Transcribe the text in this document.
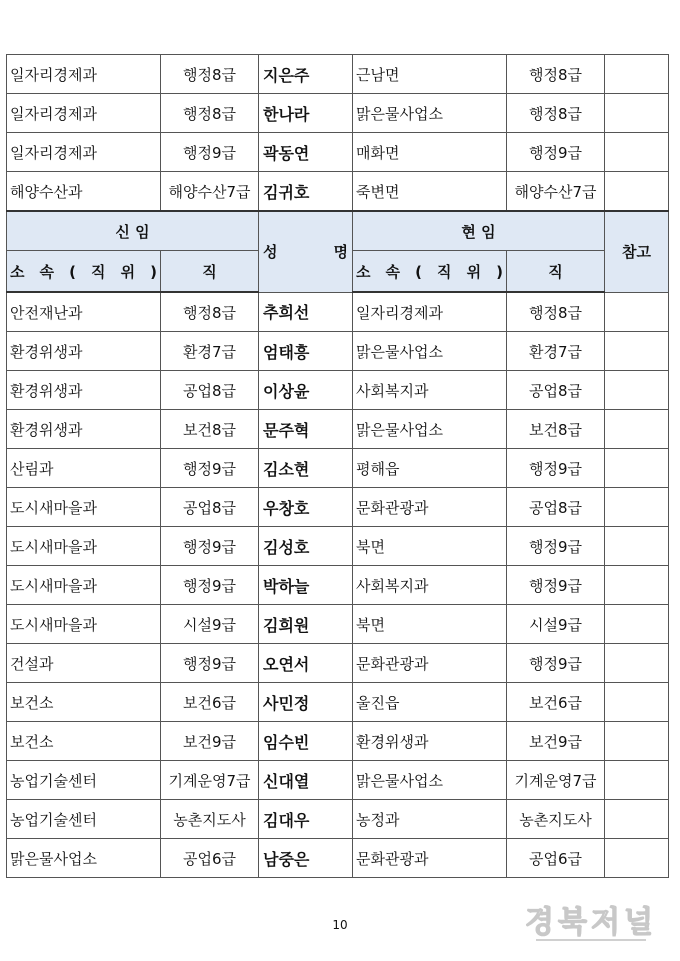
일자리경제과	행정8급	지은주	근남면	행정8급	
일자리경제과	행정8급	한나라	맑은물사업소	행정8급	
일자리경제과	행정9급	곽동연	매화면	행정9급	
해양수산과	해양수산7급	김귀호	죽변면	해양수산7급	
신 임		성 명	현 임		참고
소 속 ( 직 위 )	직		소 속 ( 직 위 )	직	
안전재난과	행정8급	추희선	일자리경제과	행정8급	
환경위생과	환경7급	엄태흥	맑은물사업소	환경7급	
환경위생과	공업8급	이상윤	사회복지과	공업8급	
환경위생과	보건8급	문주혁	맑은물사업소	보건8급	
산림과	행정9급	김소현	평해읍	행정9급	
도시새마을과	공업8급	우창호	문화관광과	공업8급	
도시새마을과	행정9급	김성호	북면	행정9급	
도시새마을과	행정9급	박하늘	사회복지과	행정9급	
도시새마을과	시설9급	김희원	북면	시설9급	
건설과	행정9급	오연서	문화관광과	행정9급	
보건소	보건6급	사민정	울진읍	보건6급	
보건소	보건9급	임수빈	환경위생과	보건9급	
농업기술센터	기계운영7급	신대열	맑은물사업소	기계운영7급	
농업기술센터	농촌지도사	김대우	농정과	농촌지도사	
맑은물사업소	공업6급	남중은	문화관광과	공업6급	
10	경북저널
